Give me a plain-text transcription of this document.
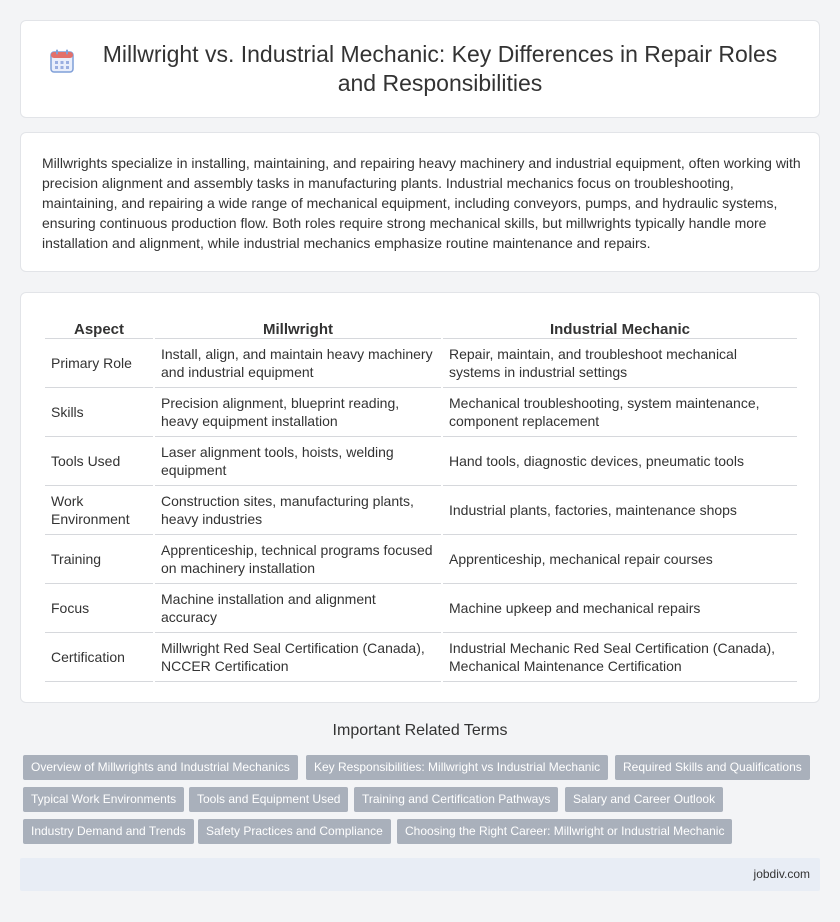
Millwright vs. Industrial Mechanic: Key Differences in Repair Roles and Responsibilities

Millwrights specialize in installing, maintaining, and repairing heavy machinery and industrial equipment, often working with precision alignment and assembly tasks in manufacturing plants. Industrial mechanics focus on troubleshooting, maintaining, and repairing a wide range of mechanical equipment, including conveyors, pumps, and hydraulic systems, ensuring continuous production flow. Both roles require strong mechanical skills, but millwrights typically handle more installation and alignment, while industrial mechanics emphasize routine maintenance and repairs.

Aspect	Millwright	Industrial Mechanic
Primary Role	Install, align, and maintain heavy machinery and industrial equipment	Repair, maintain, and troubleshoot mechanical systems in industrial settings
Skills	Precision alignment, blueprint reading, heavy equipment installation	Mechanical troubleshooting, system maintenance, component replacement
Tools Used	Laser alignment tools, hoists, welding equipment	Hand tools, diagnostic devices, pneumatic tools
Work Environment	Construction sites, manufacturing plants, heavy industries	Industrial plants, factories, maintenance shops
Training	Apprenticeship, technical programs focused on machinery installation	Apprenticeship, mechanical repair courses
Focus	Machine installation and alignment accuracy	Machine upkeep and mechanical repairs
Certification	Millwright Red Seal Certification (Canada), NCCER Certification	Industrial Mechanic Red Seal Certification (Canada), Mechanical Maintenance Certification
Important Related Terms
Overview of Millwrights and Industrial Mechanics	Key Responsibilities: Millwright vs Industrial Mechanic	Required Skills and Qualifications
Typical Work Environments	Tools and Equipment Used	Training and Certification Pathways	Salary and Career Outlook
Industry Demand and Trends	Safety Practices and Compliance	Choosing the Right Career: Millwright or Industrial Mechanic
jobdiv.com
